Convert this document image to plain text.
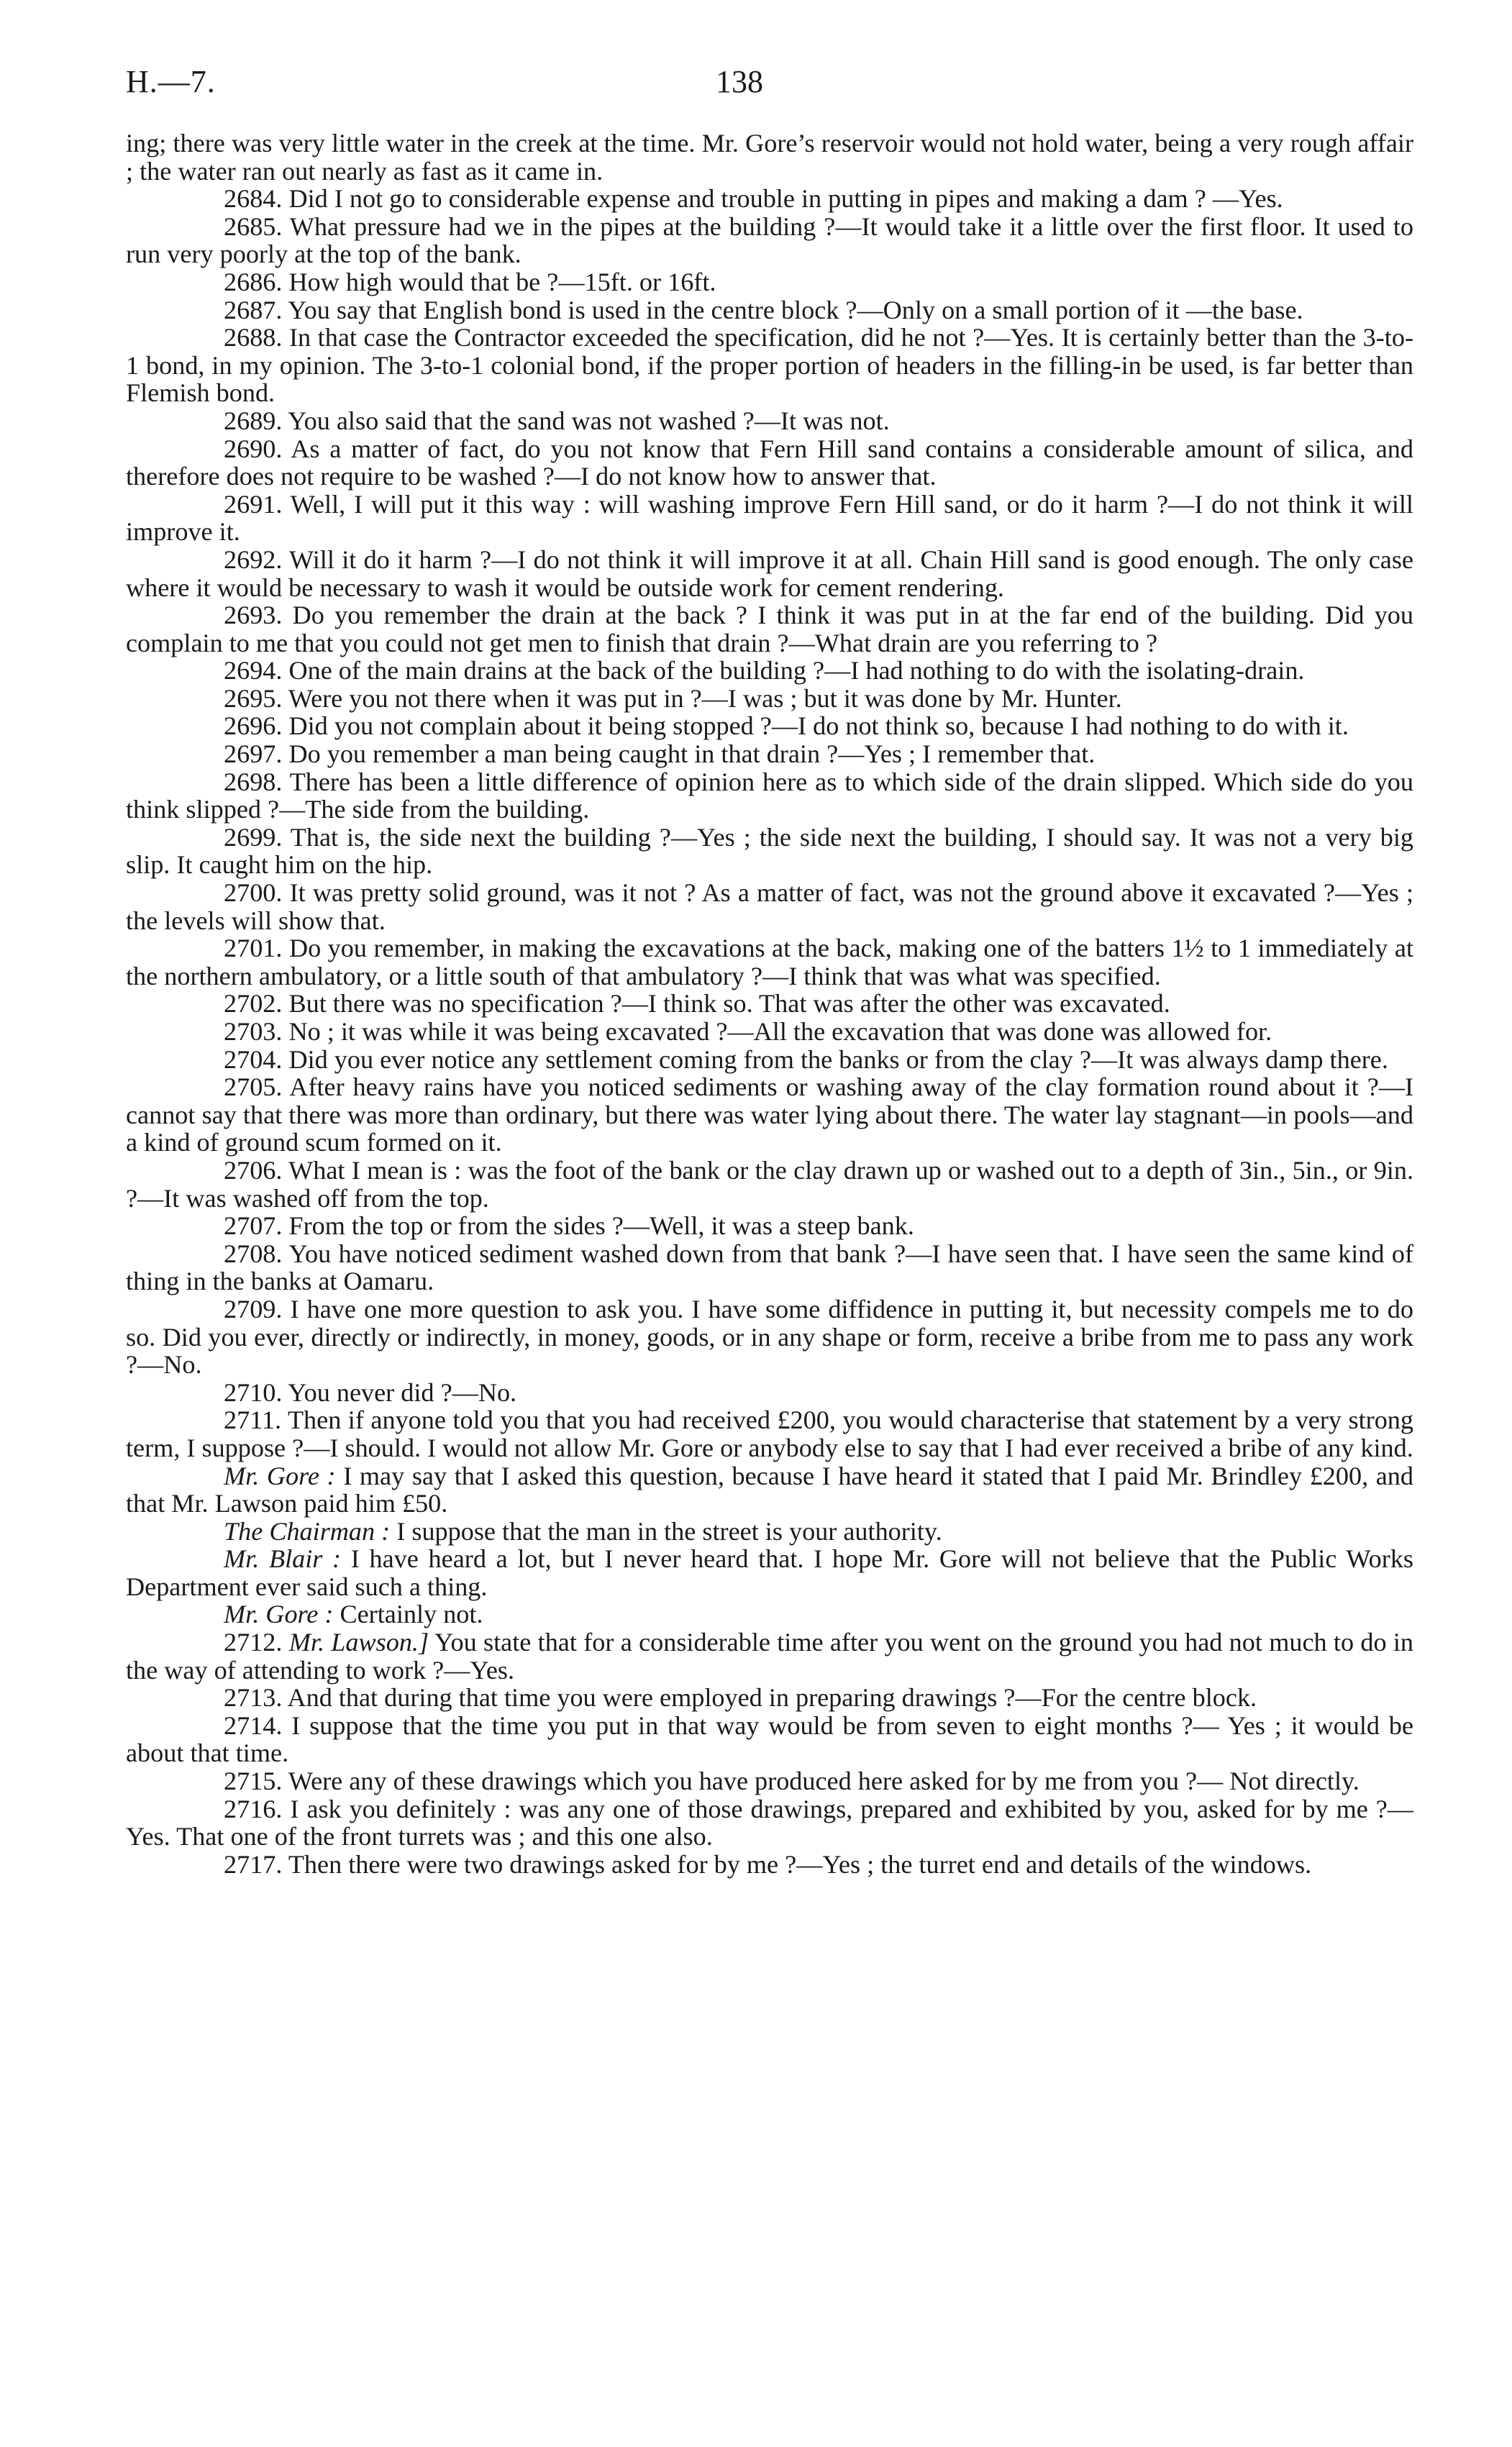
H.—7.	138

ing; there was very little water in the creek at the time. Mr. Gore’s reservoir would not hold water, being a very rough affair ; the water ran out nearly as fast as it came in.

2684. Did I not go to considerable expense and trouble in putting in pipes and making a dam ? —Yes.

2685. What pressure had we in the pipes at the building ?—It would take it a little over the first floor. It used to run very poorly at the top of the bank.

2686. How high would that be ?—15ft. or 16ft.

2687. You say that English bond is used in the centre block ?—Only on a small portion of it —the base.

2688. In that case the Contractor exceeded the specification, did he not ?—Yes. It is certainly better than the 3-to-1 bond, in my opinion. The 3-to-1 colonial bond, if the proper portion of headers in the filling-in be used, is far better than Flemish bond.

2689. You also said that the sand was not washed ?—It was not.

2690. As a matter of fact, do you not know that Fern Hill sand contains a considerable amount of silica, and therefore does not require to be washed ?—I do not know how to answer that.

2691. Well, I will put it this way : will washing improve Fern Hill sand, or do it harm ?—I do not think it will improve it.

2692. Will it do it harm ?—I do not think it will improve it at all. Chain Hill sand is good enough. The only case where it would be necessary to wash it would be outside work for cement rendering.

2693. Do you remember the drain at the back ? I think it was put in at the far end of the building. Did you complain to me that you could not get men to finish that drain ?—What drain are you referring to ?

2694. One of the main drains at the back of the building ?—I had nothing to do with the isolating-drain.

2695. Were you not there when it was put in ?—I was ; but it was done by Mr. Hunter.

2696. Did you not complain about it being stopped ?—I do not think so, because I had nothing to do with it.

2697. Do you remember a man being caught in that drain ?—Yes ; I remember that.

2698. There has been a little difference of opinion here as to which side of the drain slipped. Which side do you think slipped ?—The side from the building.

2699. That is, the side next the building ?—Yes ; the side next the building, I should say. It was not a very big slip. It caught him on the hip.

2700. It was pretty solid ground, was it not ? As a matter of fact, was not the ground above it excavated ?—Yes ; the levels will show that.

2701. Do you remember, in making the excavations at the back, making one of the batters 1½ to 1 immediately at the northern ambulatory, or a little south of that ambulatory ?—I think that was what was specified.

2702. But there was no specification ?—I think so. That was after the other was excavated.

2703. No ; it was while it was being excavated ?—All the excavation that was done was allowed for.

2704. Did you ever notice any settlement coming from the banks or from the clay ?—It was always damp there.

2705. After heavy rains have you noticed sediments or washing away of the clay formation round about it ?—I cannot say that there was more than ordinary, but there was water lying about there. The water lay stagnant—in pools—and a kind of ground scum formed on it.

2706. What I mean is : was the foot of the bank or the clay drawn up or washed out to a depth of 3in., 5in., or 9in. ?—It was washed off from the top.

2707. From the top or from the sides ?—Well, it was a steep bank.

2708. You have noticed sediment washed down from that bank ?—I have seen that. I have seen the same kind of thing in the banks at Oamaru.

2709. I have one more question to ask you. I have some diffidence in putting it, but necessity compels me to do so. Did you ever, directly or indirectly, in money, goods, or in any shape or form, receive a bribe from me to pass any work ?—No.

2710. You never did ?—No.

2711. Then if anyone told you that you had received £200, you would characterise that statement by a very strong term, I suppose ?—I should. I would not allow Mr. Gore or anybody else to say that I had ever received a bribe of any kind.

Mr. Gore : I may say that I asked this question, because I have heard it stated that I paid Mr. Brindley £200, and that Mr. Lawson paid him £50.

The Chairman : I suppose that the man in the street is your authority.

Mr. Blair : I have heard a lot, but I never heard that. I hope Mr. Gore will not believe that the Public Works Department ever said such a thing.

Mr. Gore : Certainly not.

2712. Mr. Lawson.] You state that for a considerable time after you went on the ground you had not much to do in the way of attending to work ?—Yes.

2713. And that during that time you were employed in preparing drawings ?—For the centre block.

2714. I suppose that the time you put in that way would be from seven to eight months ?— Yes ; it would be about that time.

2715. Were any of these drawings which you have produced here asked for by me from you ?— Not directly.

2716. I ask you definitely : was any one of those drawings, prepared and exhibited by you, asked for by me ?—Yes. That one of the front turrets was ; and this one also.

2717. Then there were two drawings asked for by me ?—Yes ; the turret end and details of the windows.
